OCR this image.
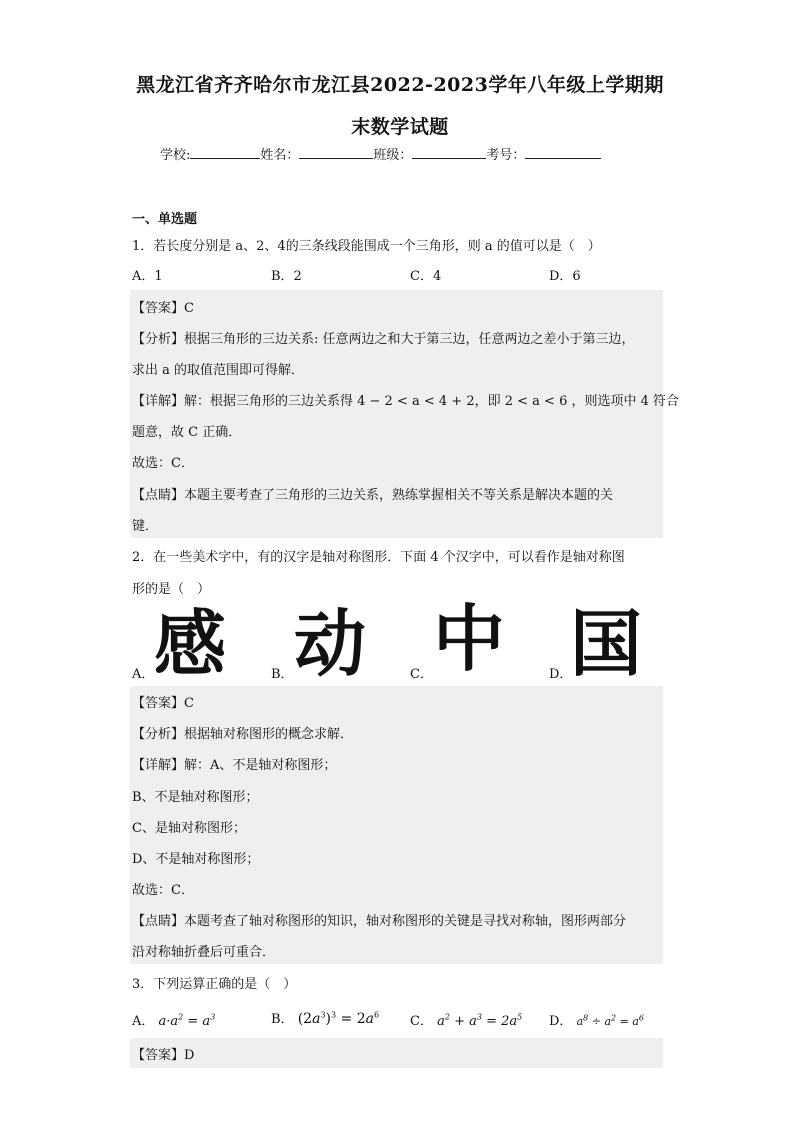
黑龙江省齐齐哈尔市龙江县2022-2023学年八年级上学期期
末数学试题
学校:	姓名：	班级：	考号：
一、单选题
1．若长度分别是 a、2、4的三条线段能围成一个三角形，则 a 的值可以是（　）
A．1	B．2	C．4	D．6
【答案】C
【分析】根据三角形的三边关系: 任意两边之和大于第三边，任意两边之差小于第三边，
求出 a 的取值范围即可得解．
【详解】解：根据三角形的三边关系得 4 − 2 < a < 4 + 2，即 2 < a < 6 ，则选项中 4 符合
题意，故 C 正确．
故选：C．
【点睛】本题主要考查了三角形的三边关系，熟练掌握相关不等关系是解决本题的关
键．
2．在一些美术字中，有的汉字是轴对称图形．下面 4 个汉字中，可以看作是轴对称图
形的是（　）
A． 感	B． 动	C． 中	D．
国
【答案】C
【分析】根据轴对称图形的概念求解．
【详解】解：A、不是轴对称图形；
B、不是轴对称图形；
C、是轴对称图形；
D、不是轴对称图形；
故选：C．
【点睛】本题考查了轴对称图形的知识，轴对称图形的关键是寻找对称轴，图形两部分
沿对称轴折叠后可重合．
3．下列运算正确的是（　）
A． $a\cdot a^2 = a^3$	B． $(2a^3)^3 = 2a^6$ C． $a^2 + a^3 = 2a^5$ D． $a^8 \div a^2 = a^6$
【答案】D
